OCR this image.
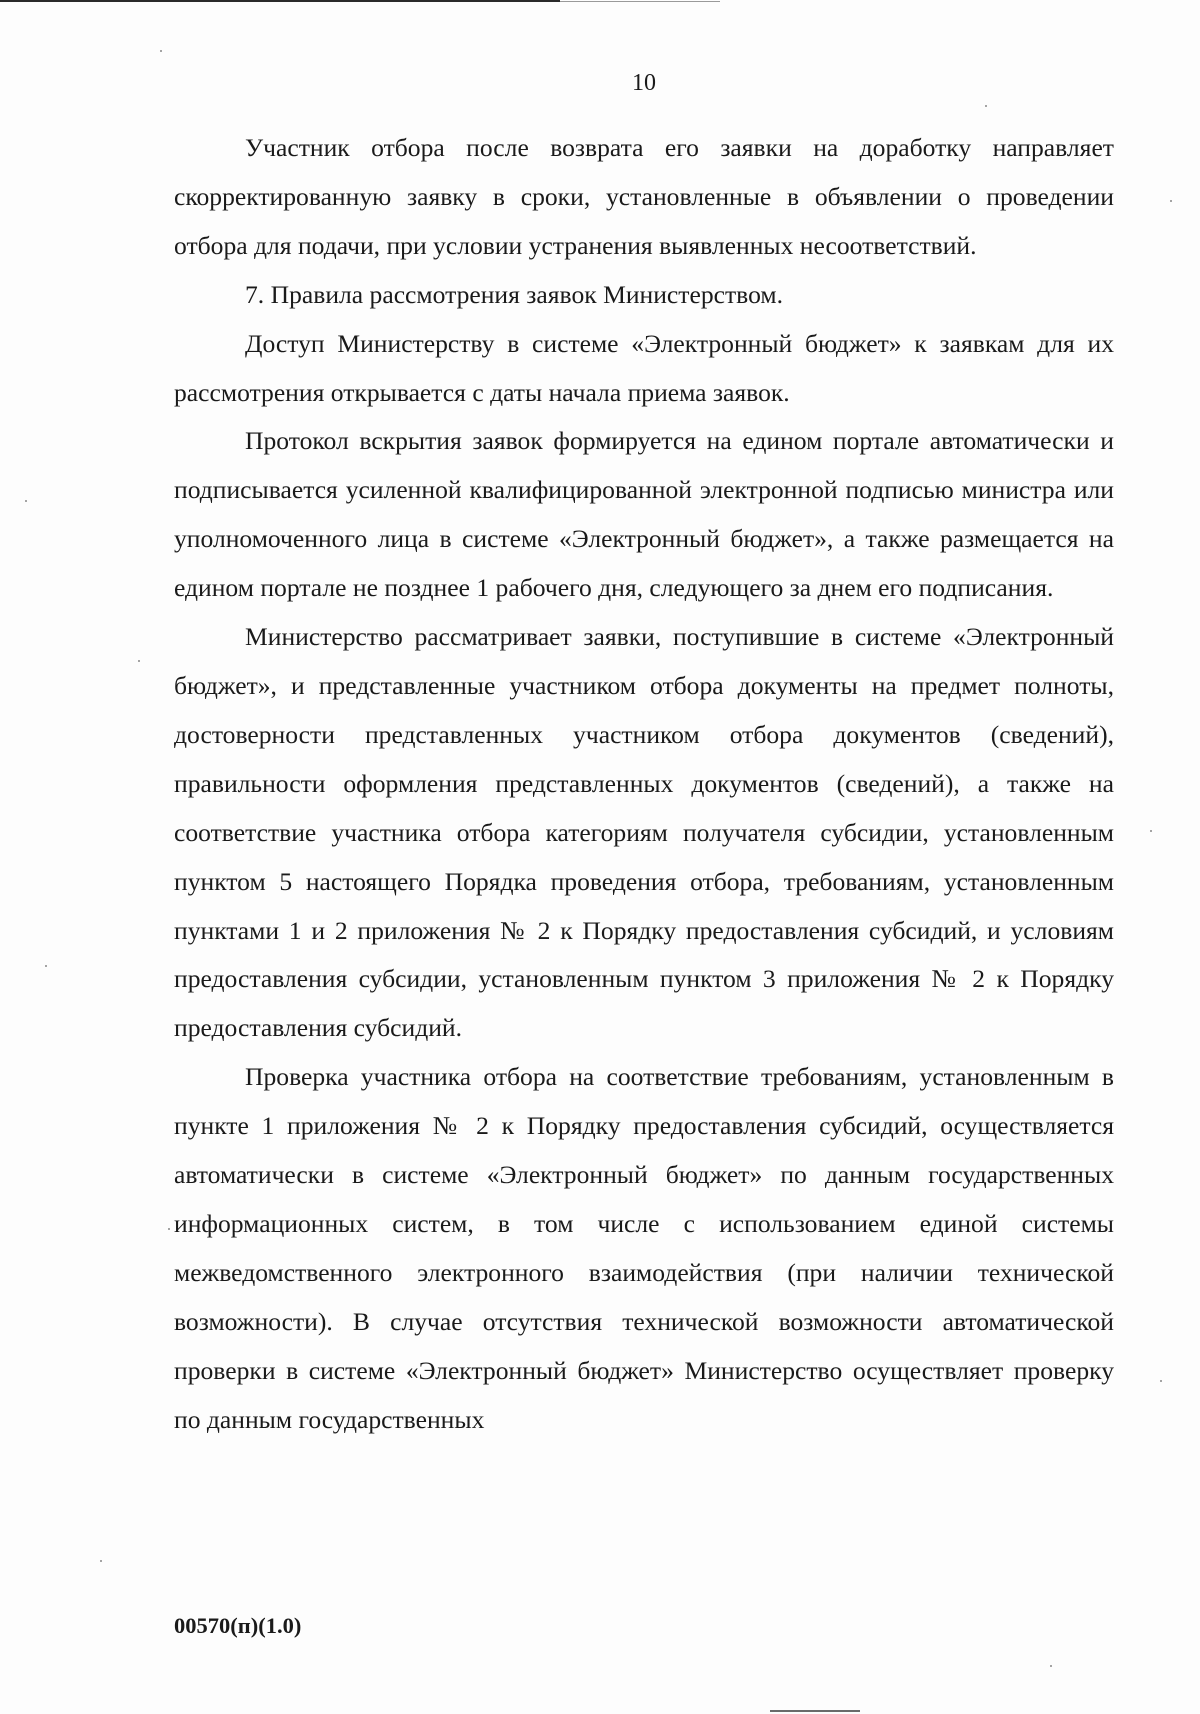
10

Участник отбора после возврата его заявки на доработку направляет скорректированную заявку в сроки, установленные в объявлении о проведении отбора для подачи, при условии устранения выявленных несоответствий.

7. Правила рассмотрения заявок Министерством.

Доступ Министерству в системе «Электронный бюджет» к заявкам для их рассмотрения открывается с даты начала приема заявок.

Протокол вскрытия заявок формируется на едином портале автоматически и подписывается усиленной квалифицированной электронной подписью министра или уполномоченного лица в системе «Электронный бюджет», а также размещается на едином портале не позднее 1 рабочего дня, следующего за днем его подписания.

Министерство рассматривает заявки, поступившие в системе «Электронный бюджет», и представленные участником отбора документы на предмет полноты, достоверности представленных участником отбора документов (сведений), правильности оформления представленных документов (сведений), а также на соответствие участника отбора категориям получателя субсидии, установленным пунктом 5 настоящего Порядка проведения отбора, требованиям, установленным пунктами 1 и 2 приложения № 2 к Порядку предоставления субсидий, и условиям предоставления субсидии, установленным пунктом 3 приложения № 2 к Порядку предоставления субсидий.

Проверка участника отбора на соответствие требованиям, установленным в пункте 1 приложения № 2 к Порядку предоставления субсидий, осуществляется автоматически в системе «Электронный бюджет» по данным государственных информационных систем, в том числе с использованием единой системы межведомственного электронного взаимодействия (при наличии технической возможности). В случае отсутствия технической возможности автоматической проверки в системе «Электронный бюджет» Министерство осуществляет проверку по данным государственных

00570(п)(1.0)
